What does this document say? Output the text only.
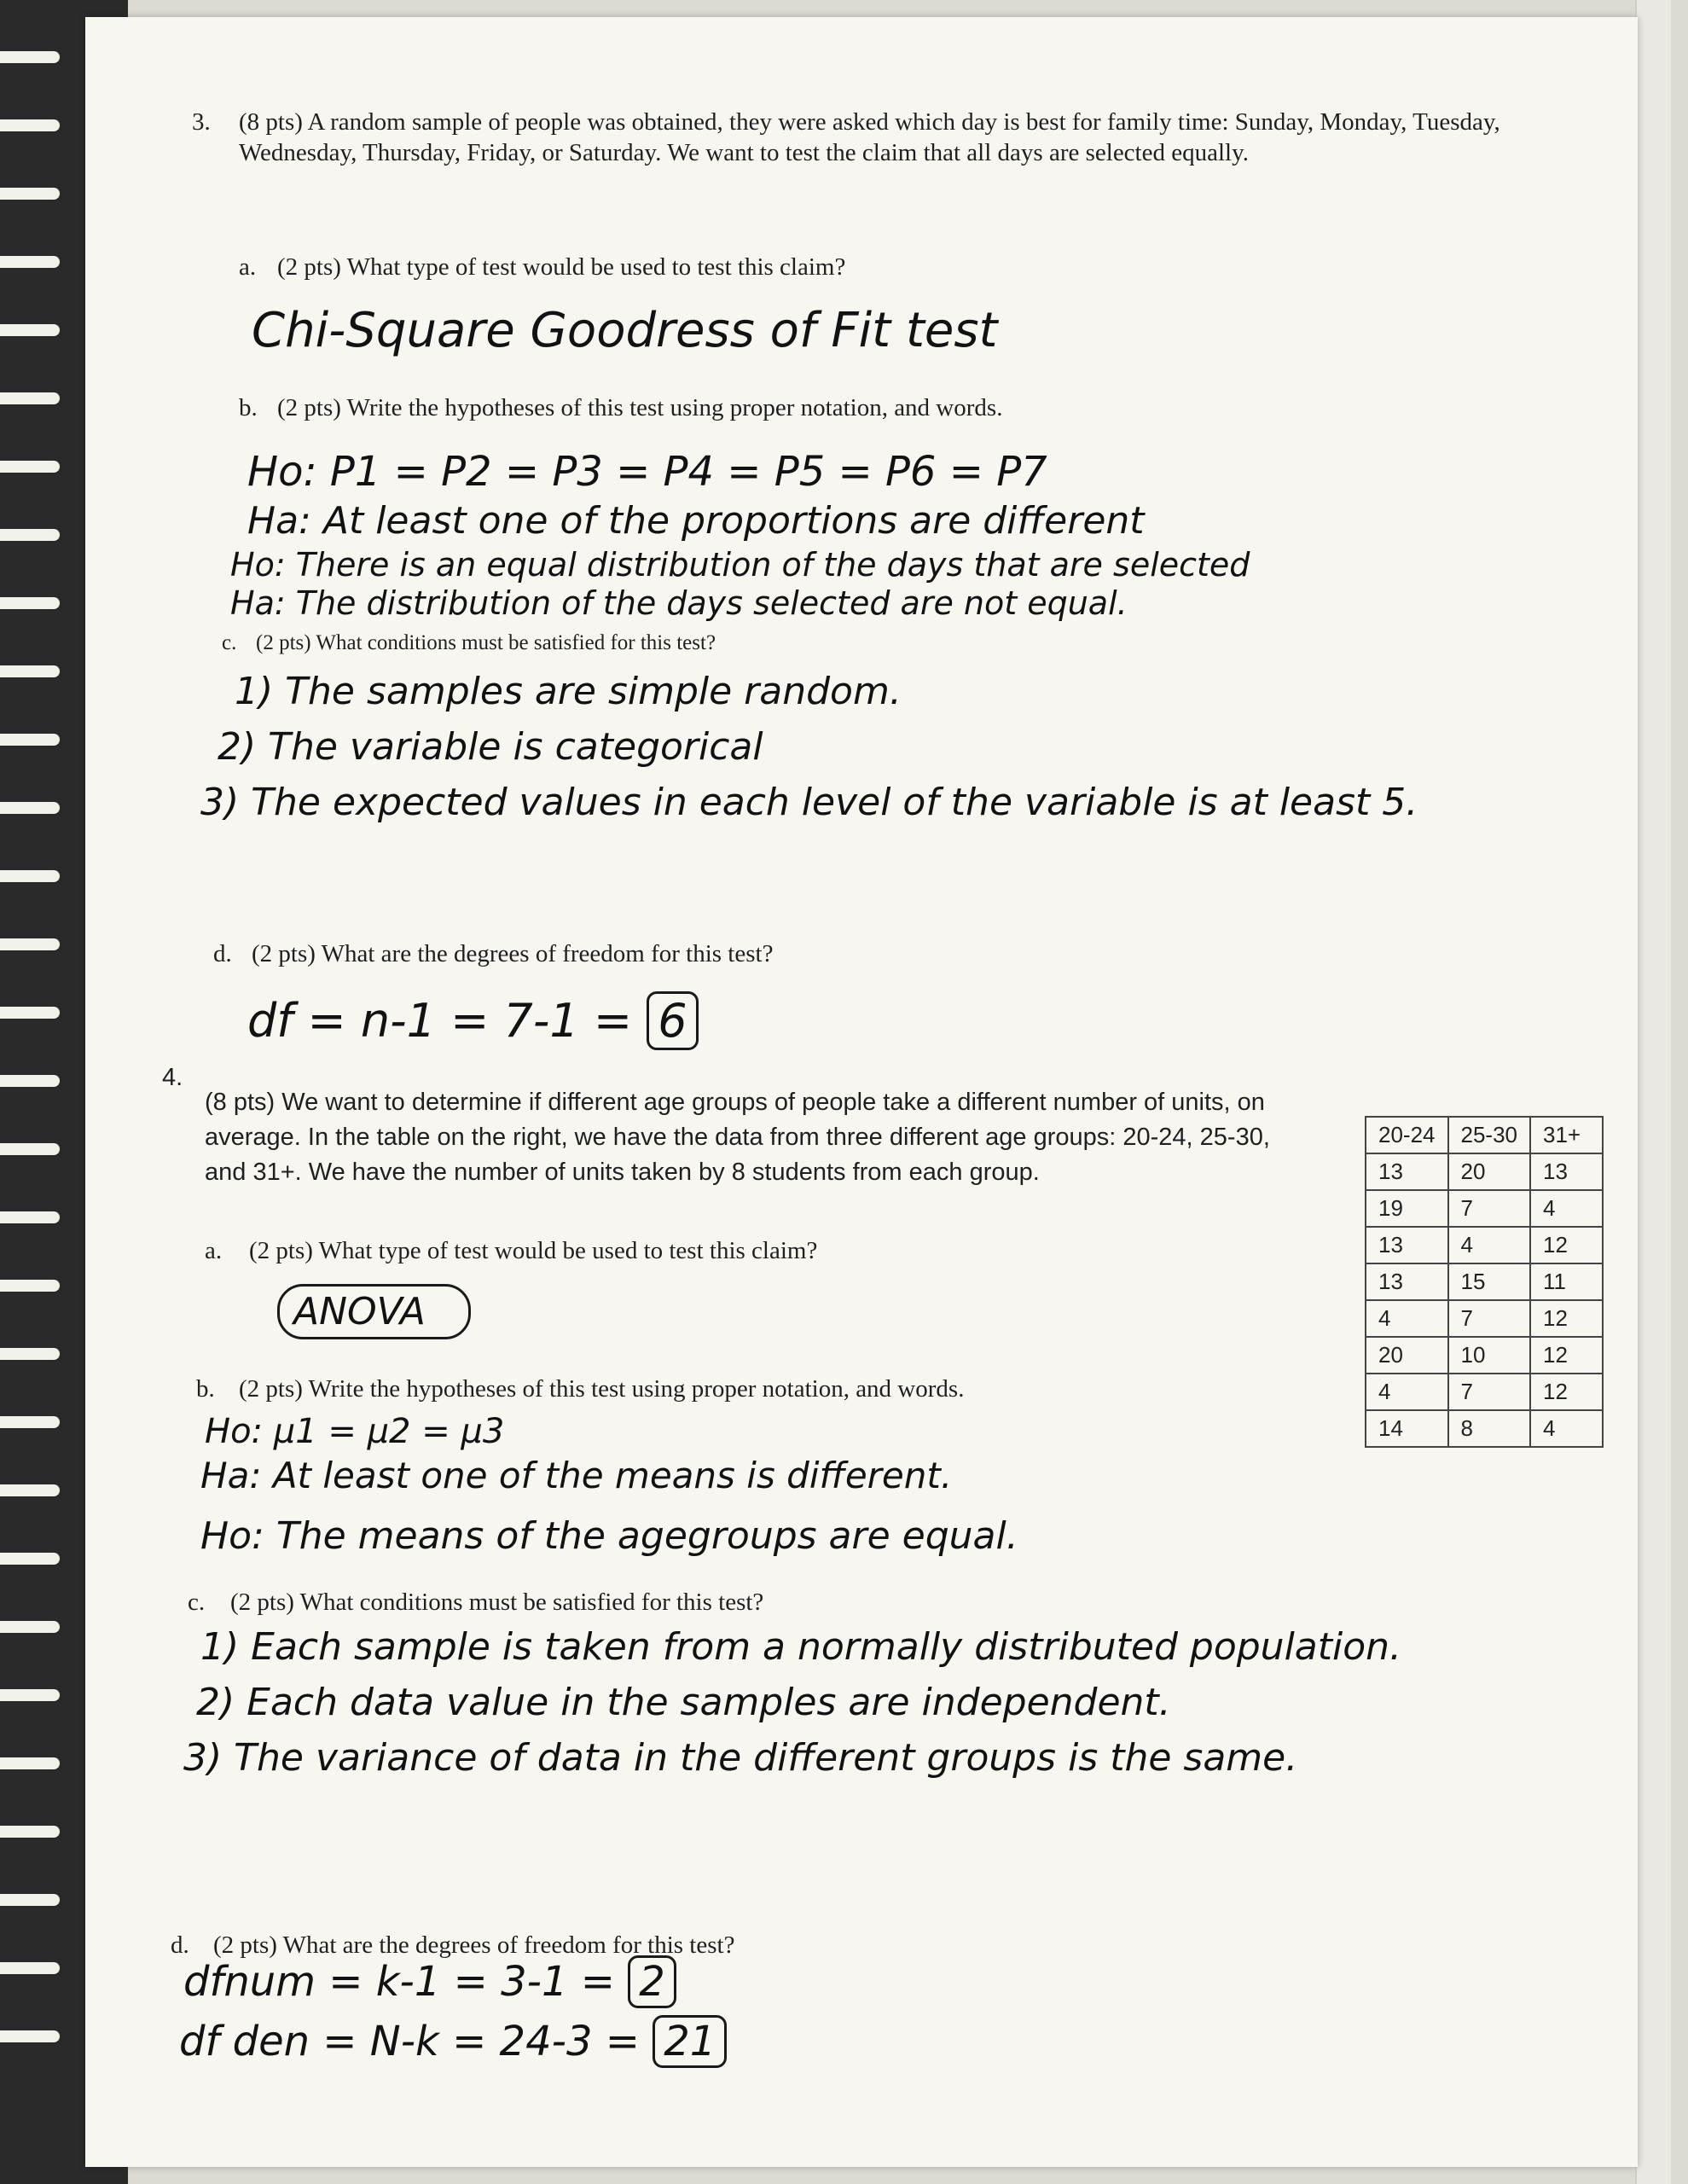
3. (8 pts) A random sample of people was obtained, they were asked which day is best for family time: Sunday, Monday, Tuesday, Wednesday, Thursday, Friday, or Saturday. We want to test the claim that all days are selected equally.
a. (2 pts) What type of test would be used to test this claim?
Chi-Square Goodress of Fit test
b. (2 pts) Write the hypotheses of this test using proper notation, and words.
Ho: P1 = P2 = P3 = P4 = P5 = P6 = P7
Ha: At least one of the proportions are different
Ho: There is an equal distribution of the days that are selected
Ha: The distribution of the days selected are not equal.
c. (2 pts) What conditions must be satisfied for this test?
1) The samples are simple random.
2) The variable is categorical
3) The expected values in each level of the variable is at least 5.
d. (2 pts) What are the degrees of freedom for this test?
df = n-1 = 7-1 = 6
4.
(8 pts) We want to determine if different age groups of people take a different number of units, on average. In the table on the right, we have the data from three different age groups: 20-24, 25-30, and 31+. We have the number of units taken by 8 students from each group.
20-24	25-30	31+
13	20	13
19	7	4
13	4	12
13	15	11
4	7	12
20	10	12
4	7	12
14	8	4
a. (2 pts) What type of test would be used to test this claim?
ANOVA
b. (2 pts) Write the hypotheses of this test using proper notation, and words.
Ho: μ1 = μ2 = μ3
Ha: At least one of the means is different.
Ho: The means of the agegroups are equal.
c. (2 pts) What conditions must be satisfied for this test?
1) Each sample is taken from a normally distributed population.
2) Each data value in the samples are independent.
3) The variance of data in the different groups is the same.
d. (2 pts) What are the degrees of freedom for this test?
dfnum = k-1 = 3-1 = 2
df den = N-k = 24-3 = 21
